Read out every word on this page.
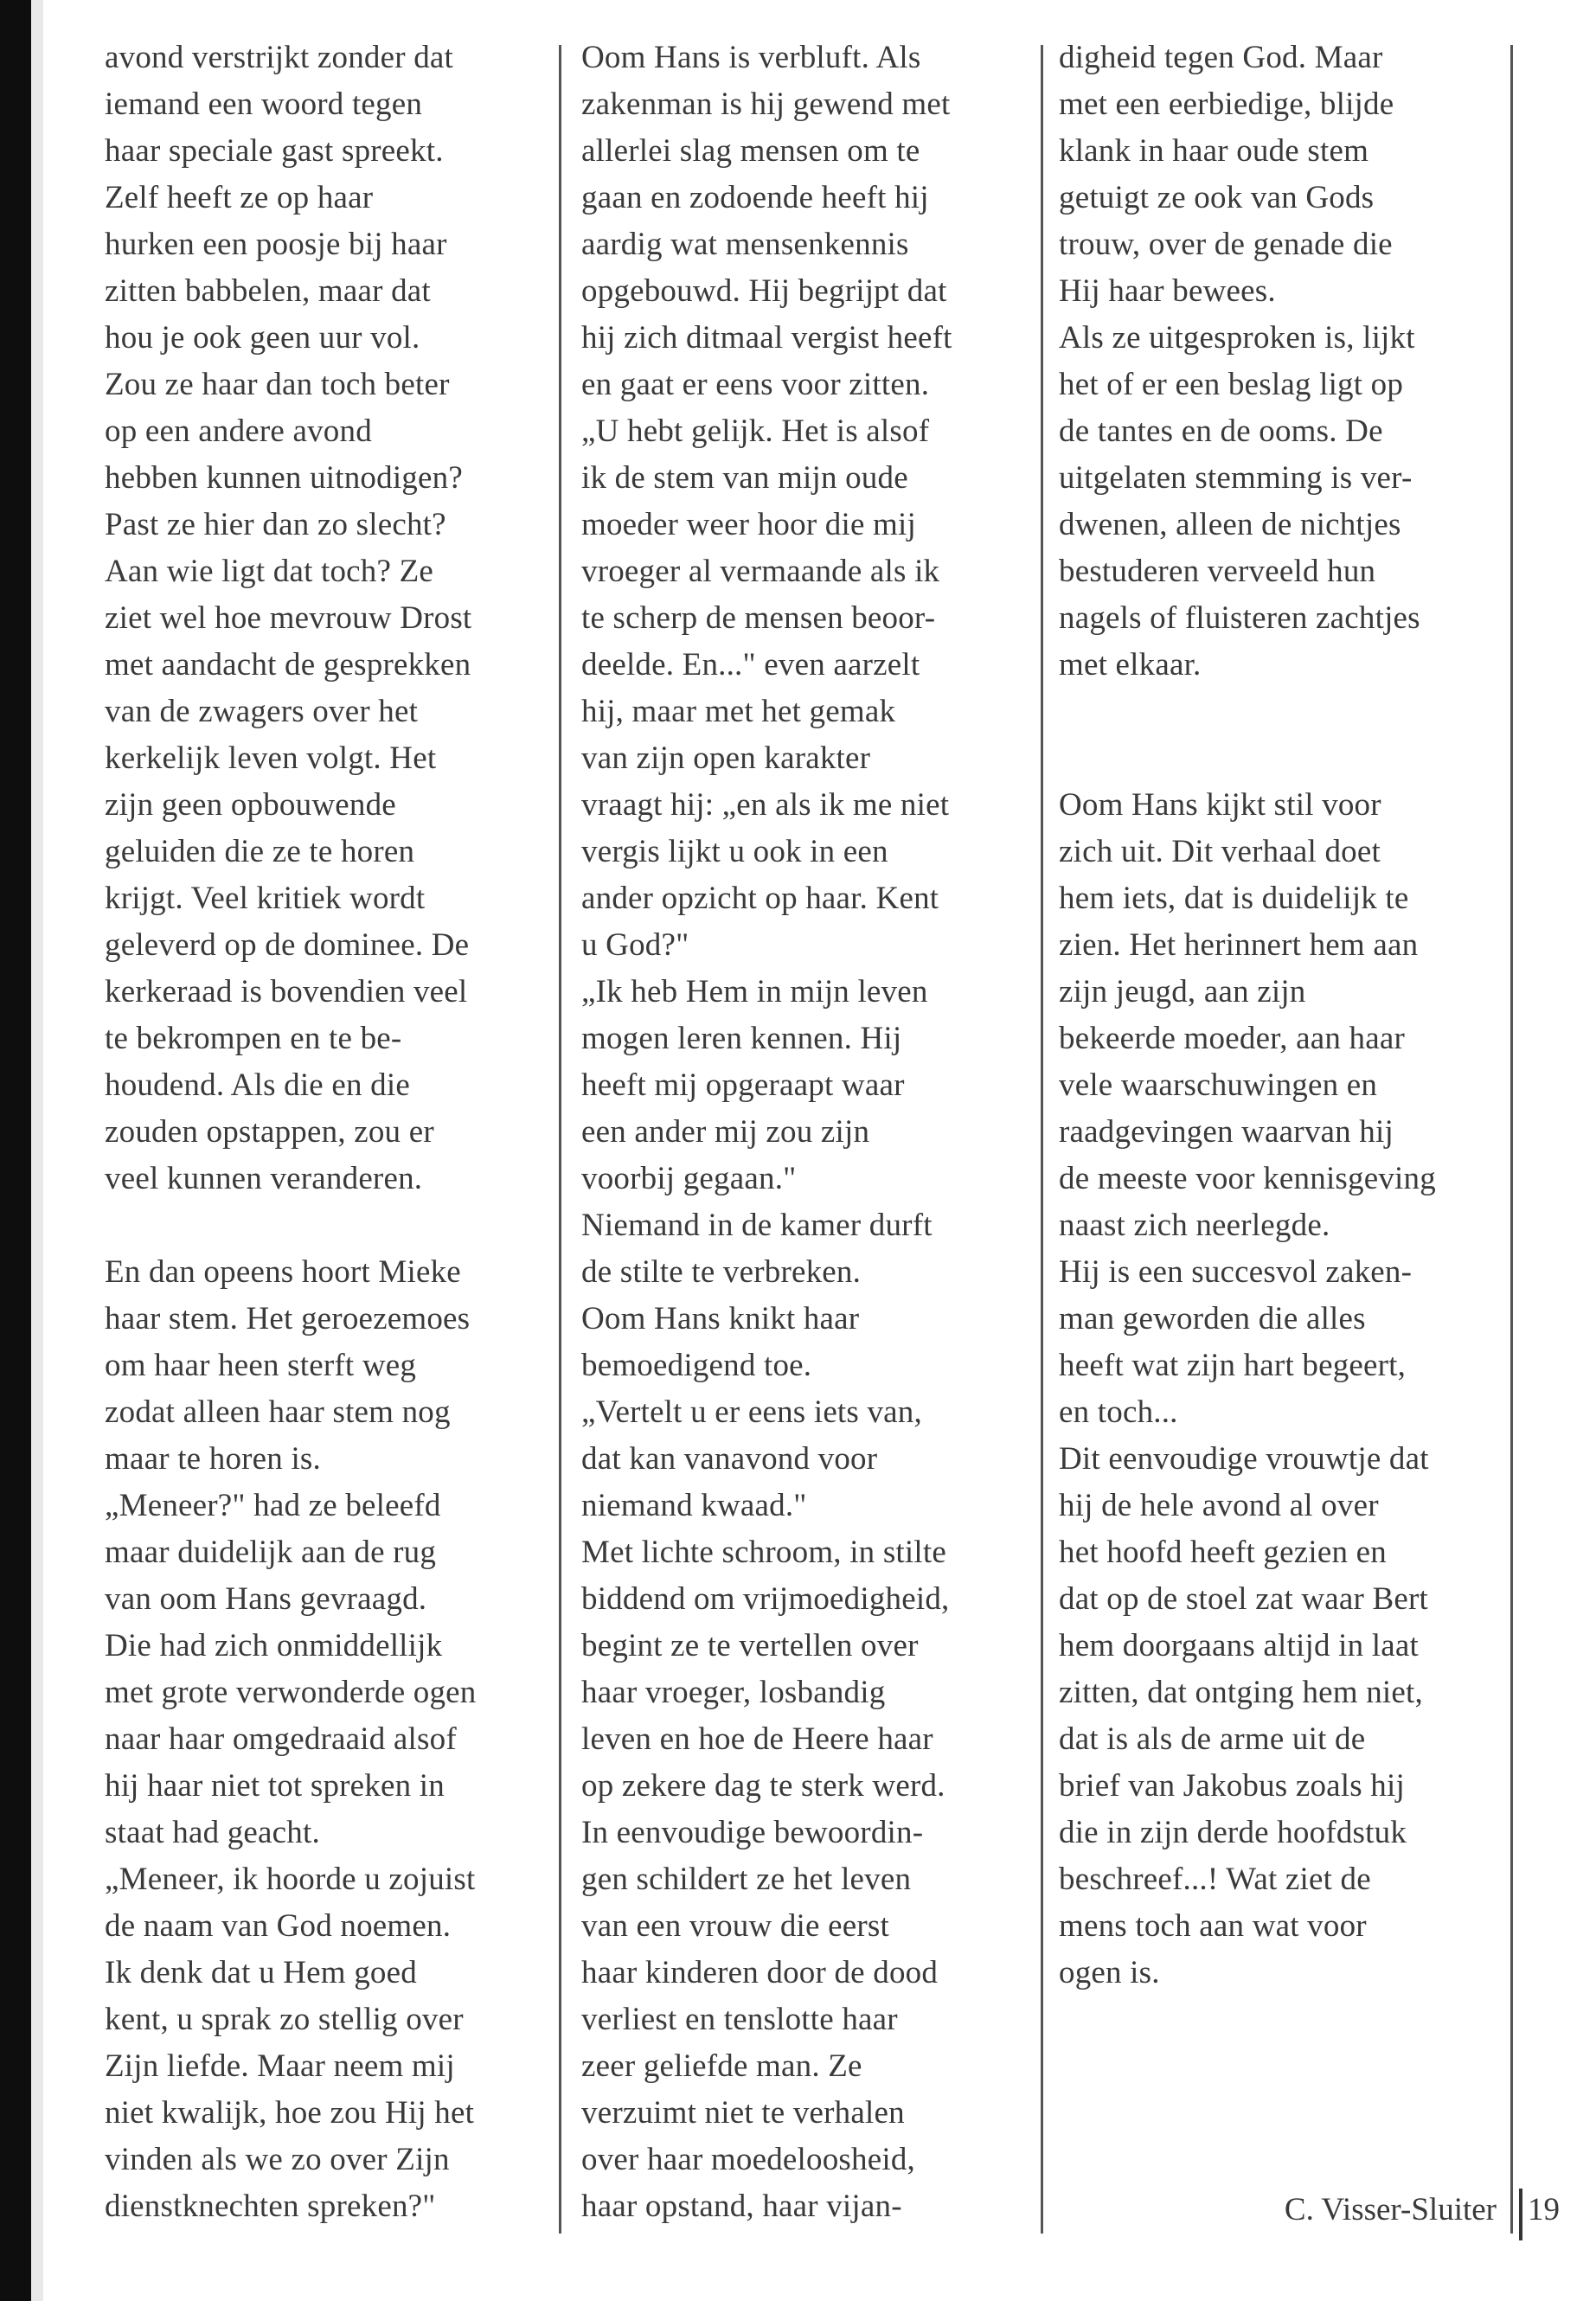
avond verstrijkt zonder dat
iemand een woord tegen
haar speciale gast spreekt.
Zelf heeft ze op haar
hurken een poosje bij haar
zitten babbelen, maar dat
hou je ook geen uur vol.
Zou ze haar dan toch beter
op een andere avond
hebben kunnen uitnodigen?
Past ze hier dan zo slecht?
Aan wie ligt dat toch? Ze
ziet wel hoe mevrouw Drost
met aandacht de gesprekken
van de zwagers over het
kerkelijk leven volgt. Het
zijn geen opbouwende
geluiden die ze te horen
krijgt. Veel kritiek wordt
geleverd op de dominee. De
kerkeraad is bovendien veel
te bekrompen en te be-
houdend. Als die en die
zouden opstappen, zou er
veel kunnen veranderen.
En dan opeens hoort Mieke
haar stem. Het geroezemoes
om haar heen sterft weg
zodat alleen haar stem nog
maar te horen is.
„Meneer?" had ze beleefd
maar duidelijk aan de rug
van oom Hans gevraagd.
Die had zich onmiddellijk
met grote verwonderde ogen
naar haar omgedraaid alsof
hij haar niet tot spreken in
staat had geacht.
„Meneer, ik hoorde u zojuist
de naam van God noemen.
Ik denk dat u Hem goed
kent, u sprak zo stellig over
Zijn liefde. Maar neem mij
niet kwalijk, hoe zou Hij het
vinden als we zo over Zijn
dienstknechten spreken?"
Oom Hans is verbluft. Als
zakenman is hij gewend met
allerlei slag mensen om te
gaan en zodoende heeft hij
aardig wat mensenkennis
opgebouwd. Hij begrijpt dat
hij zich ditmaal vergist heeft
en gaat er eens voor zitten.
„U hebt gelijk. Het is alsof
ik de stem van mijn oude
moeder weer hoor die mij
vroeger al vermaande als ik
te scherp de mensen beoor-
deelde. En..." even aarzelt
hij, maar met het gemak
van zijn open karakter
vraagt hij: „en als ik me niet
vergis lijkt u ook in een
ander opzicht op haar. Kent
u God?"
„Ik heb Hem in mijn leven
mogen leren kennen. Hij
heeft mij opgeraapt waar
een ander mij zou zijn
voorbij gegaan."
Niemand in de kamer durft
de stilte te verbreken.
Oom Hans knikt haar
bemoedigend toe.
„Vertelt u er eens iets van,
dat kan vanavond voor
niemand kwaad."
Met lichte schroom, in stilte
biddend om vrijmoedigheid,
begint ze te vertellen over
haar vroeger, losbandig
leven en hoe de Heere haar
op zekere dag te sterk werd.
In eenvoudige bewoordin-
gen schildert ze het leven
van een vrouw die eerst
haar kinderen door de dood
verliest en tenslotte haar
zeer geliefde man. Ze
verzuimt niet te verhalen
over haar moedeloosheid,
haar opstand, haar vijan-
digheid tegen God. Maar
met een eerbiedige, blijde
klank in haar oude stem
getuigt ze ook van Gods
trouw, over de genade die
Hij haar bewees.
Als ze uitgesproken is, lijkt
het of er een beslag ligt op
de tantes en de ooms. De
uitgelaten stemming is ver-
dwenen, alleen de nichtjes
bestuderen verveeld hun
nagels of fluisteren zachtjes
met elkaar.
Oom Hans kijkt stil voor
zich uit. Dit verhaal doet
hem iets, dat is duidelijk te
zien. Het herinnert hem aan
zijn jeugd, aan zijn
bekeerde moeder, aan haar
vele waarschuwingen en
raadgevingen waarvan hij
de meeste voor kennisgeving
naast zich neerlegde.
Hij is een succesvol zaken-
man geworden die alles
heeft wat zijn hart begeert,
en toch...
Dit eenvoudige vrouwtje dat
hij de hele avond al over
het hoofd heeft gezien en
dat op de stoel zat waar Bert
hem doorgaans altijd in laat
zitten, dat ontging hem niet,
dat is als de arme uit de
brief van Jakobus zoals hij
die in zijn derde hoofdstuk
beschreef...! Wat ziet de
mens toch aan wat voor
ogen is.
C. Visser-Sluiter 19
